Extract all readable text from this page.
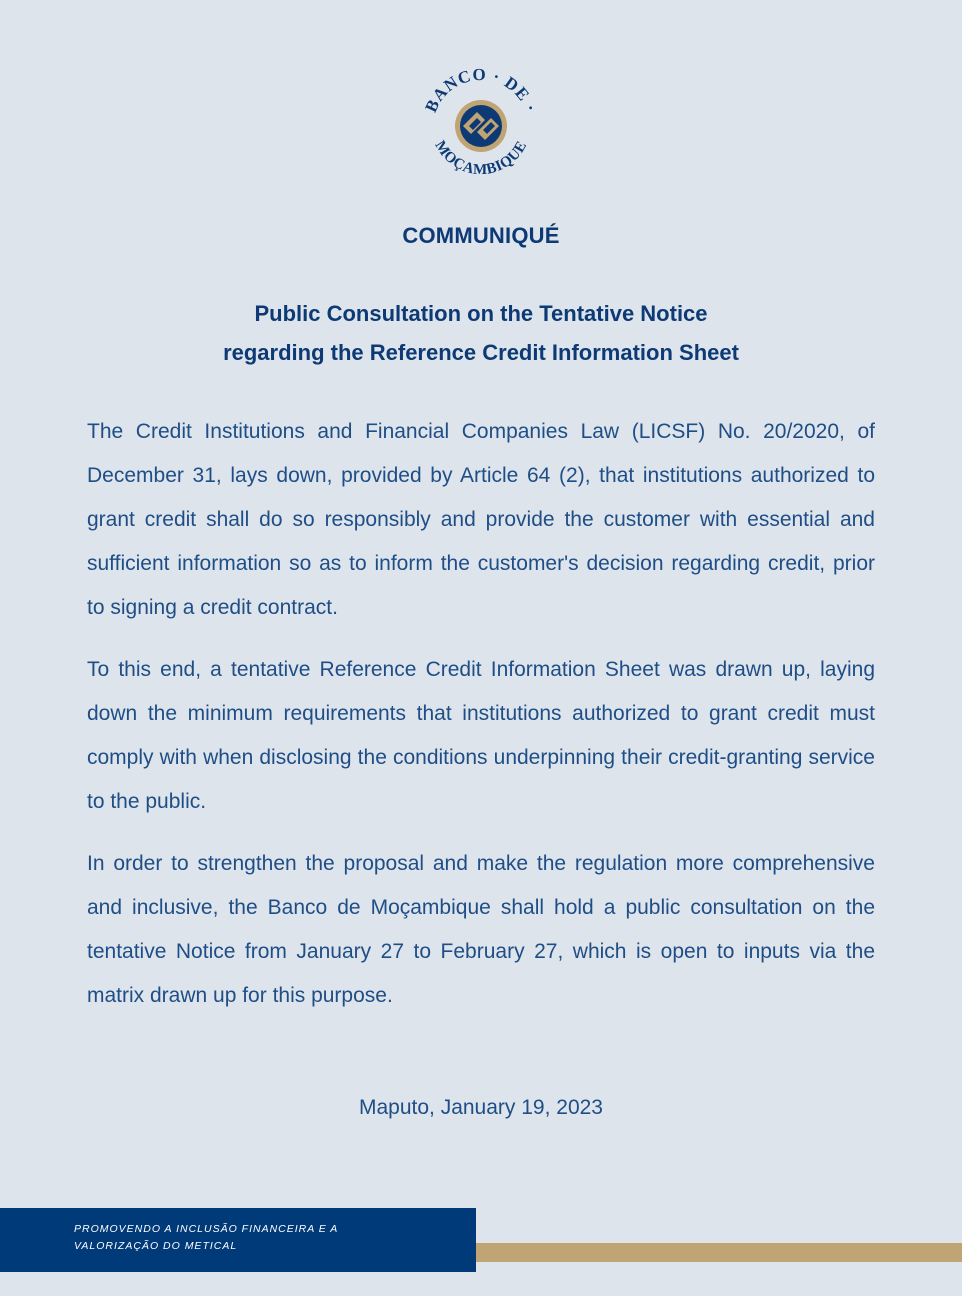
BANCO · DE ·
MOÇAMBIQUE
COMMUNIQUÉ
Public Consultation on the Tentative Notice
regarding the Reference Credit Information Sheet

The Credit Institutions and Financial Companies Law (LICSF) No. 20/2020, of December 31, lays down, provided by Article 64 (2), that institutions authorized to grant credit shall do so responsibly and provide the customer with essential and sufficient information so as to inform the customer's decision regarding credit, prior to signing a credit contract.

To this end, a tentative Reference Credit Information Sheet was drawn up, laying down the minimum requirements that institutions authorized to grant credit must comply with when disclosing the conditions underpinning their credit-granting service to the public.

In order to strengthen the proposal and make the regulation more comprehensive and inclusive, the Banco de Moçambique shall hold a public consultation on the tentative Notice from January 27 to February 27, which is open to inputs via the matrix drawn up for this purpose.

Maputo, January 19, 2023
PROMOVENDO A INCLUSÃO FINANCEIRA E A
VALORIZAÇÃO DO METICAL
